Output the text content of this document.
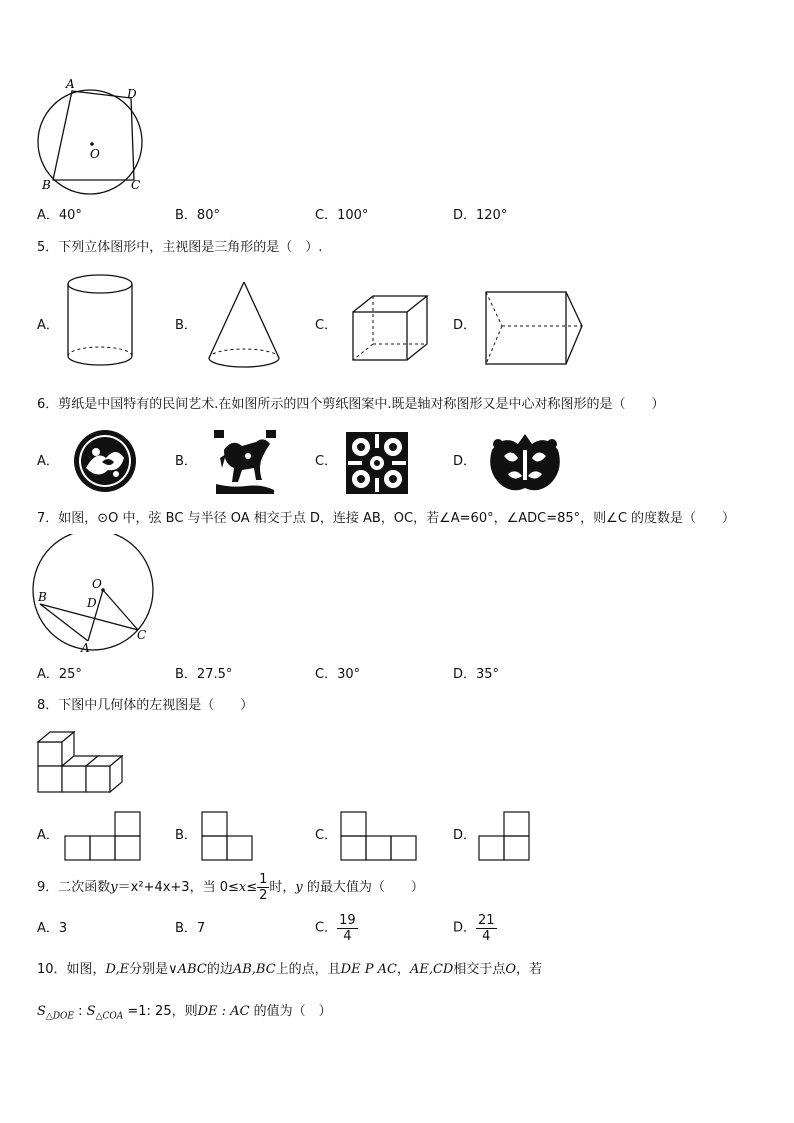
A
D
O
B	C
A．40°	B．80°	C．100°	D．120°
5．下列立体图形中，主视图是三角形的是（　）.
A．	B．	C．	D．
6．剪纸是中国特有的民间艺术.在如图所示的四个剪纸图案中.既是轴对称图形又是中心对称图形的是（　　）
A．	B．	C．	D．
7．如图，⊙O 中，弦 BC 与半径 OA 相交于点 D，连接 AB，OC，若∠A=60°，∠ADC=85°，则∠C 的度数是（　　）
O
B	D
A
C
A．25°	B．27.5°	C．30°	D．35°
8．下图中几何体的左视图是（　　）
A．	B．	C．	D．
9．二次函数y＝x²+4x+3，当 $0\le x\le \frac{1}{2}$ 时，y 的最大值为（　　）
A．3	B．7	C． $\frac{19}{4}$	D． $\frac{21}{4}$
10．如图，D,E分别是∨ABC的边AB,BC上的点，且DE P AC，AE,CD相交于点O，若
$S_{\triangle DOE}$ : $S_{\triangle COA} =1$: 25，则DE : AC 的值为（　）
